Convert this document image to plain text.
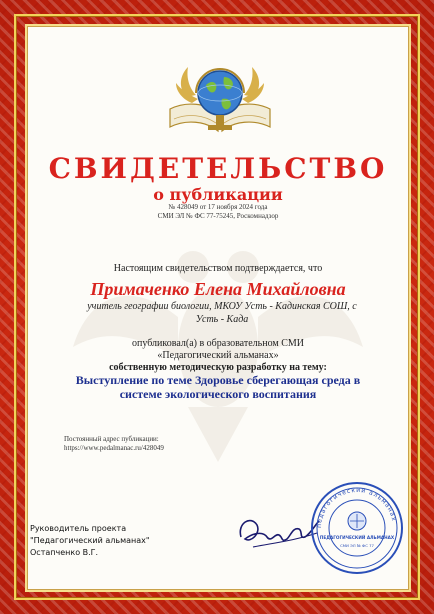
СВИДЕТЕЛЬСТВО
о публикации
№ 428049 от 17 ноября 2024 года
СМИ ЭЛ № ФС 77-75245, Роскомнадзор
Настоящим свидетельством подтверждается, что
Примаченко Елена Михайловна
учитель географии биологии, МКОУ Усть - Кадинская СОШ, с Усть - Када
опубликовал(а) в образовательном СМИ
«Педагогический альманах»
собственную методическую разработку на тему:
Выступление по теме Здоровье сберегающая среда в системе экологического воспитания
Постоянный адрес публикации:
https://www.pedalmanac.ru/428049
Руководитель проекта
"Педагогический альманах"
Остапченко В.Г.
педагогический альманах
ПЕДАГОГИЧЕСКИЙ АЛЬМАНАХ
СМИ ЭЛ № ФС 77
